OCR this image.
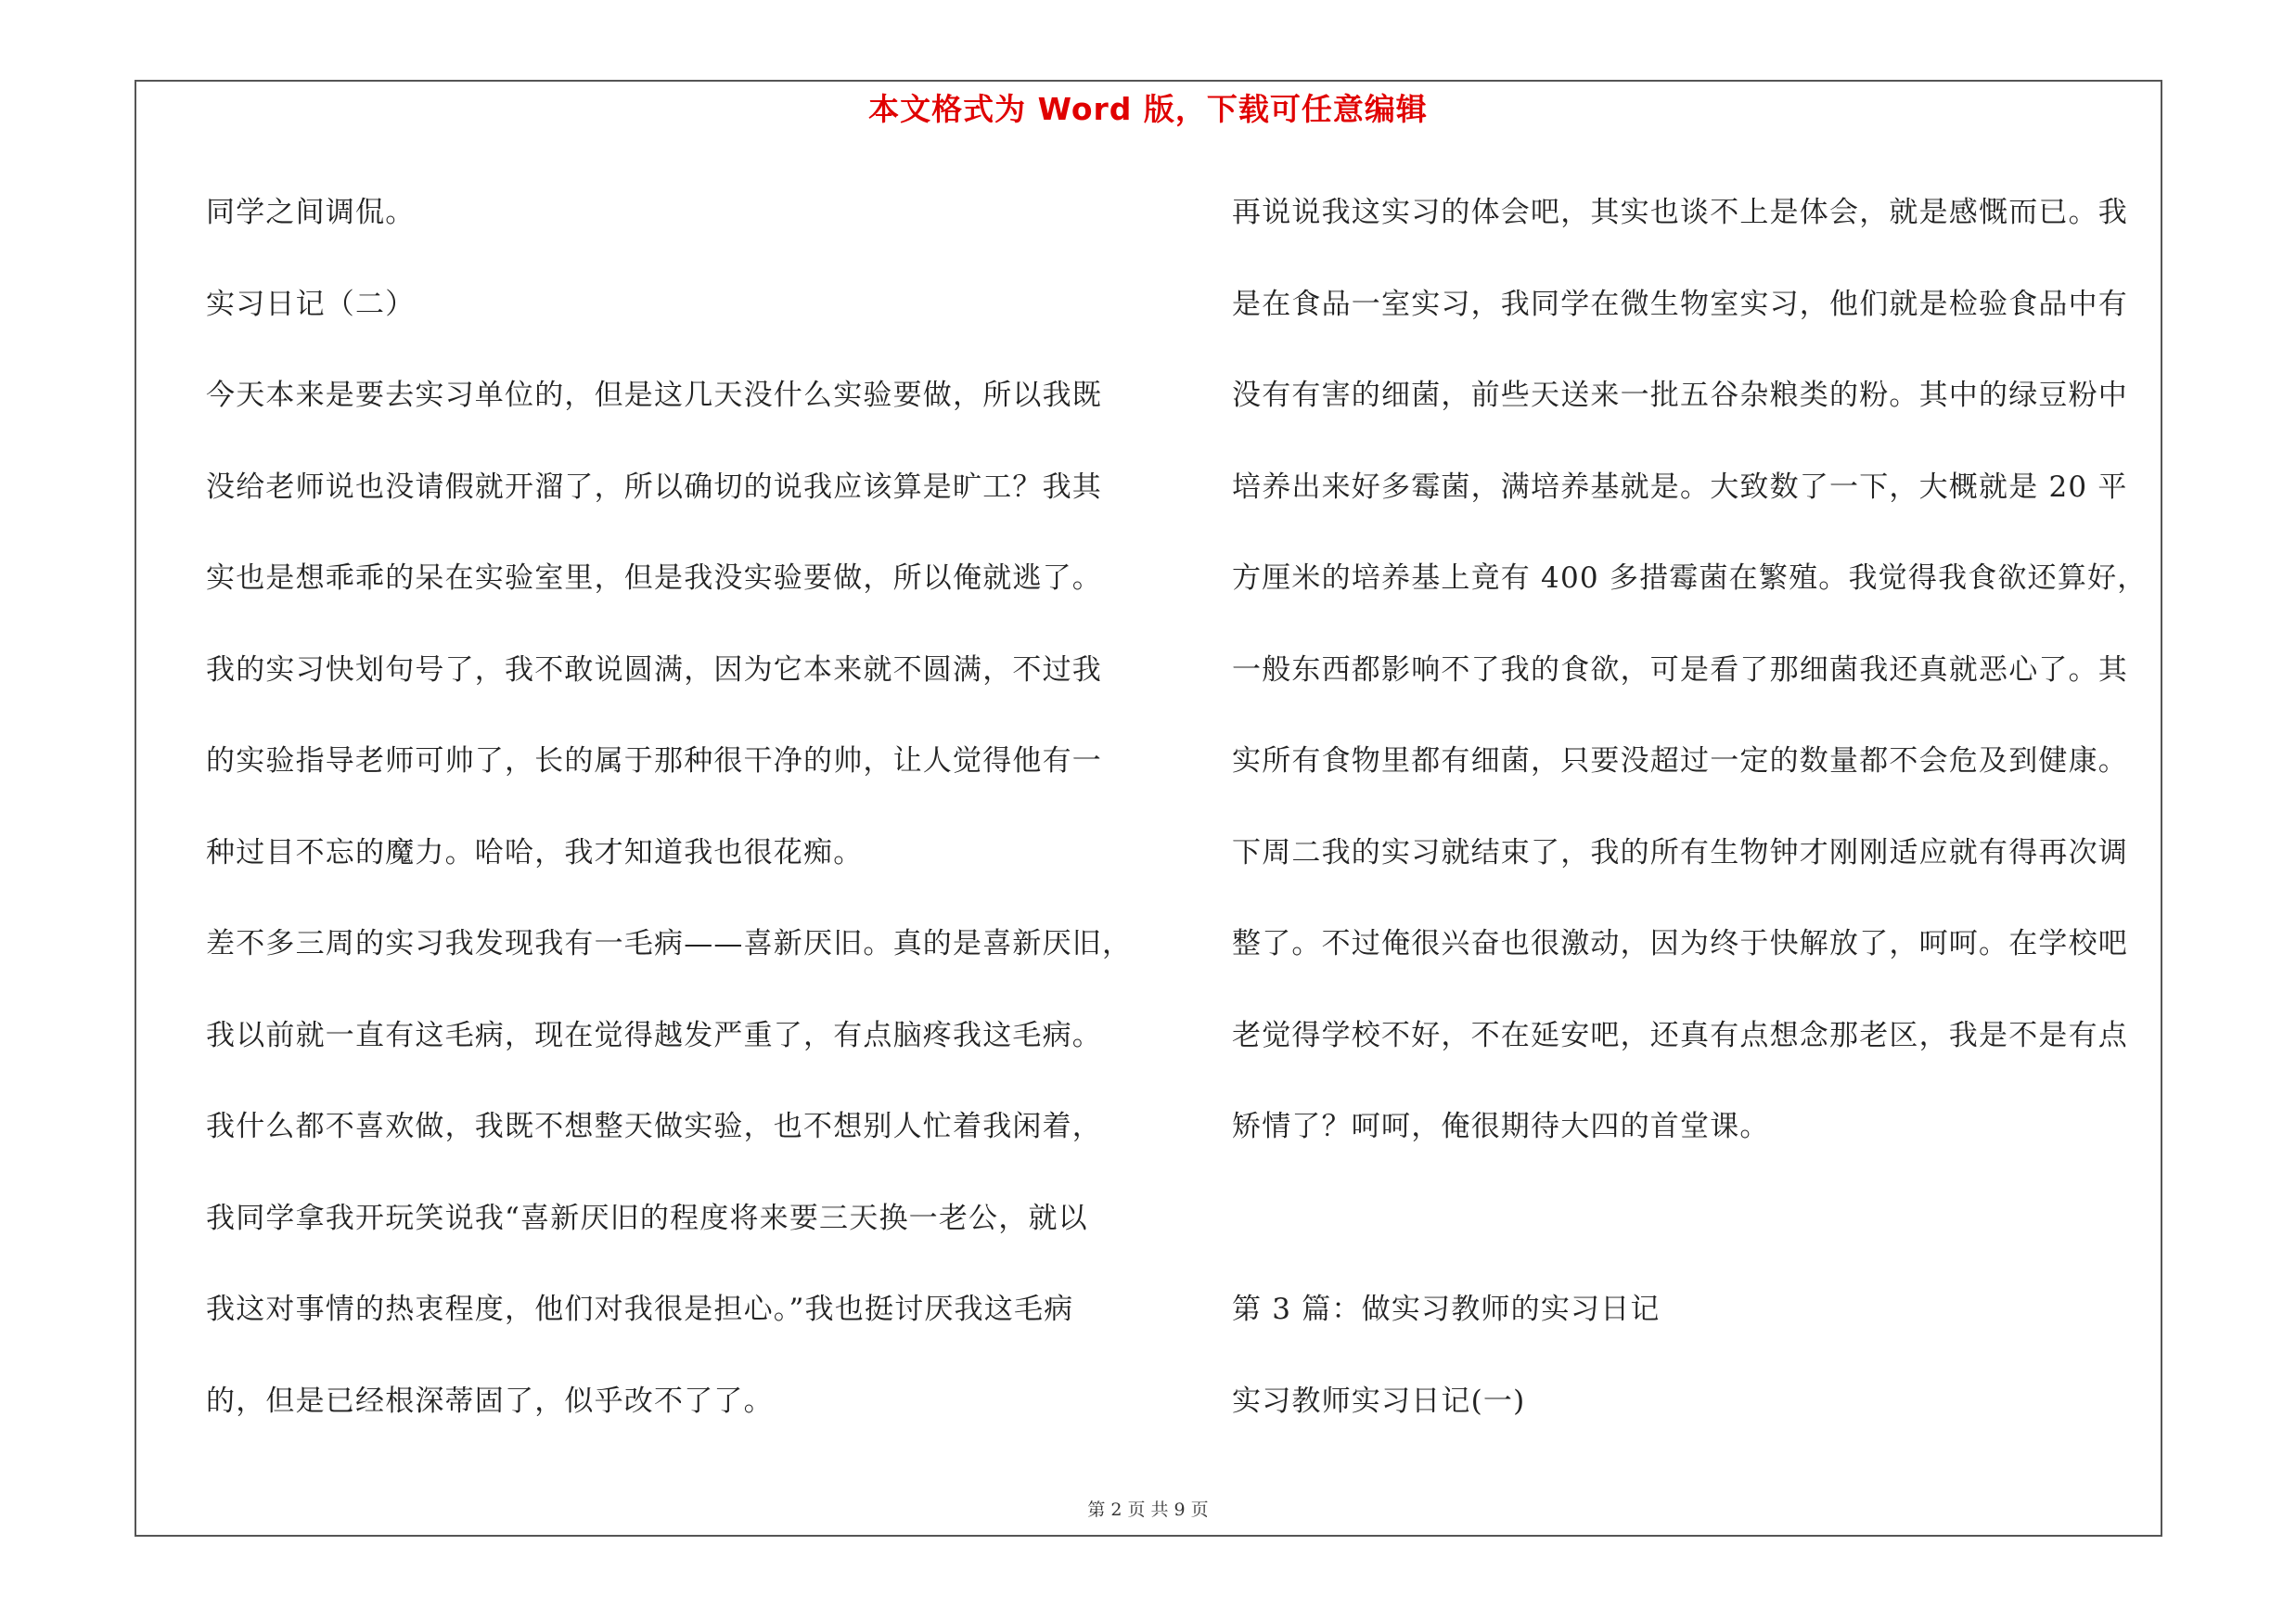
本文格式为 Word 版，下载可任意编辑
同学之间调侃。
实习日记（二）
今天本来是要去实习单位的，但是这几天没什么实验要做，所以我既
没给老师说也没请假就开溜了，所以确切的说我应该算是旷工？我其
实也是想乖乖的呆在实验室里，但是我没实验要做，所以俺就逃了。
我的实习快划句号了，我不敢说圆满，因为它本来就不圆满，不过我
的实验指导老师可帅了，长的属于那种很干净的帅，让人觉得他有一
种过目不忘的魔力。哈哈，我才知道我也很花痴。
差不多三周的实习我发现我有一毛病——喜新厌旧。真的是喜新厌旧，
我以前就一直有这毛病，现在觉得越发严重了，有点脑疼我这毛病。
我什么都不喜欢做，我既不想整天做实验，也不想别人忙着我闲着，
我同学拿我开玩笑说我“喜新厌旧的程度将来要三天换一老公，就以
我这对事情的热衷程度，他们对我很是担心。”我也挺讨厌我这毛病
的，但是已经根深蒂固了，似乎改不了了。
再说说我这实习的体会吧，其实也谈不上是体会，就是感慨而已。我
是在食品一室实习，我同学在微生物室实习，他们就是检验食品中有
没有有害的细菌，前些天送来一批五谷杂粮类的粉。其中的绿豆粉中
培养出来好多霉菌，满培养基就是。大致数了一下，大概就是 20 平
方厘米的培养基上竟有 400 多措霉菌在繁殖。我觉得我食欲还算好，
一般东西都影响不了我的食欲，可是看了那细菌我还真就恶心了。其
实所有食物里都有细菌，只要没超过一定的数量都不会危及到健康。
下周二我的实习就结束了，我的所有生物钟才刚刚适应就有得再次调
整了。不过俺很兴奋也很激动，因为终于快解放了，呵呵。在学校吧
老觉得学校不好，不在延安吧，还真有点想念那老区，我是不是有点
矫情了？呵呵，俺很期待大四的首堂课。
第 3 篇：做实习教师的实习日记
实习教师实习日记(一)
第 2 页 共 9 页
